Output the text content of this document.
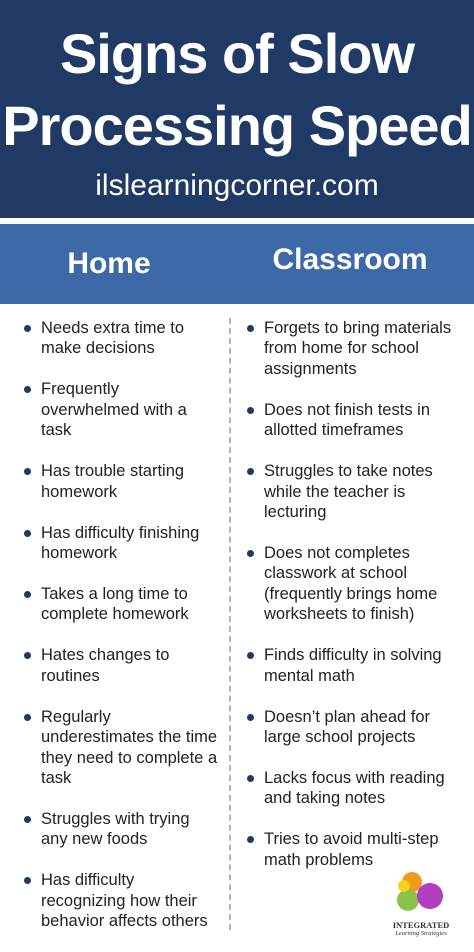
Signs of Slow
Processing Speed
ilslearningcorner.com
Home	Classroom
Needs extra time to make decisions
Frequently overwhelmed with a task
Has trouble starting homework
Has difficulty finishing homework
Takes a long time to complete homework
Hates changes to routines
Regularly underestimates the time they need to complete a task
Struggles with trying any new foods
Has difficulty recognizing how their behavior affects others
Forgets to bring materials from home for school assignments
Does not finish tests in allotted timeframes
Struggles to take notes while the teacher is lecturing
Does not completes classwork at school (frequently brings home worksheets to finish)
Finds difficulty in solving mental math
Doesn’t plan ahead for large school projects
Lacks focus with reading and taking notes
Tries to avoid multi-step math problems
INTEGRATED
Learning Strategies
